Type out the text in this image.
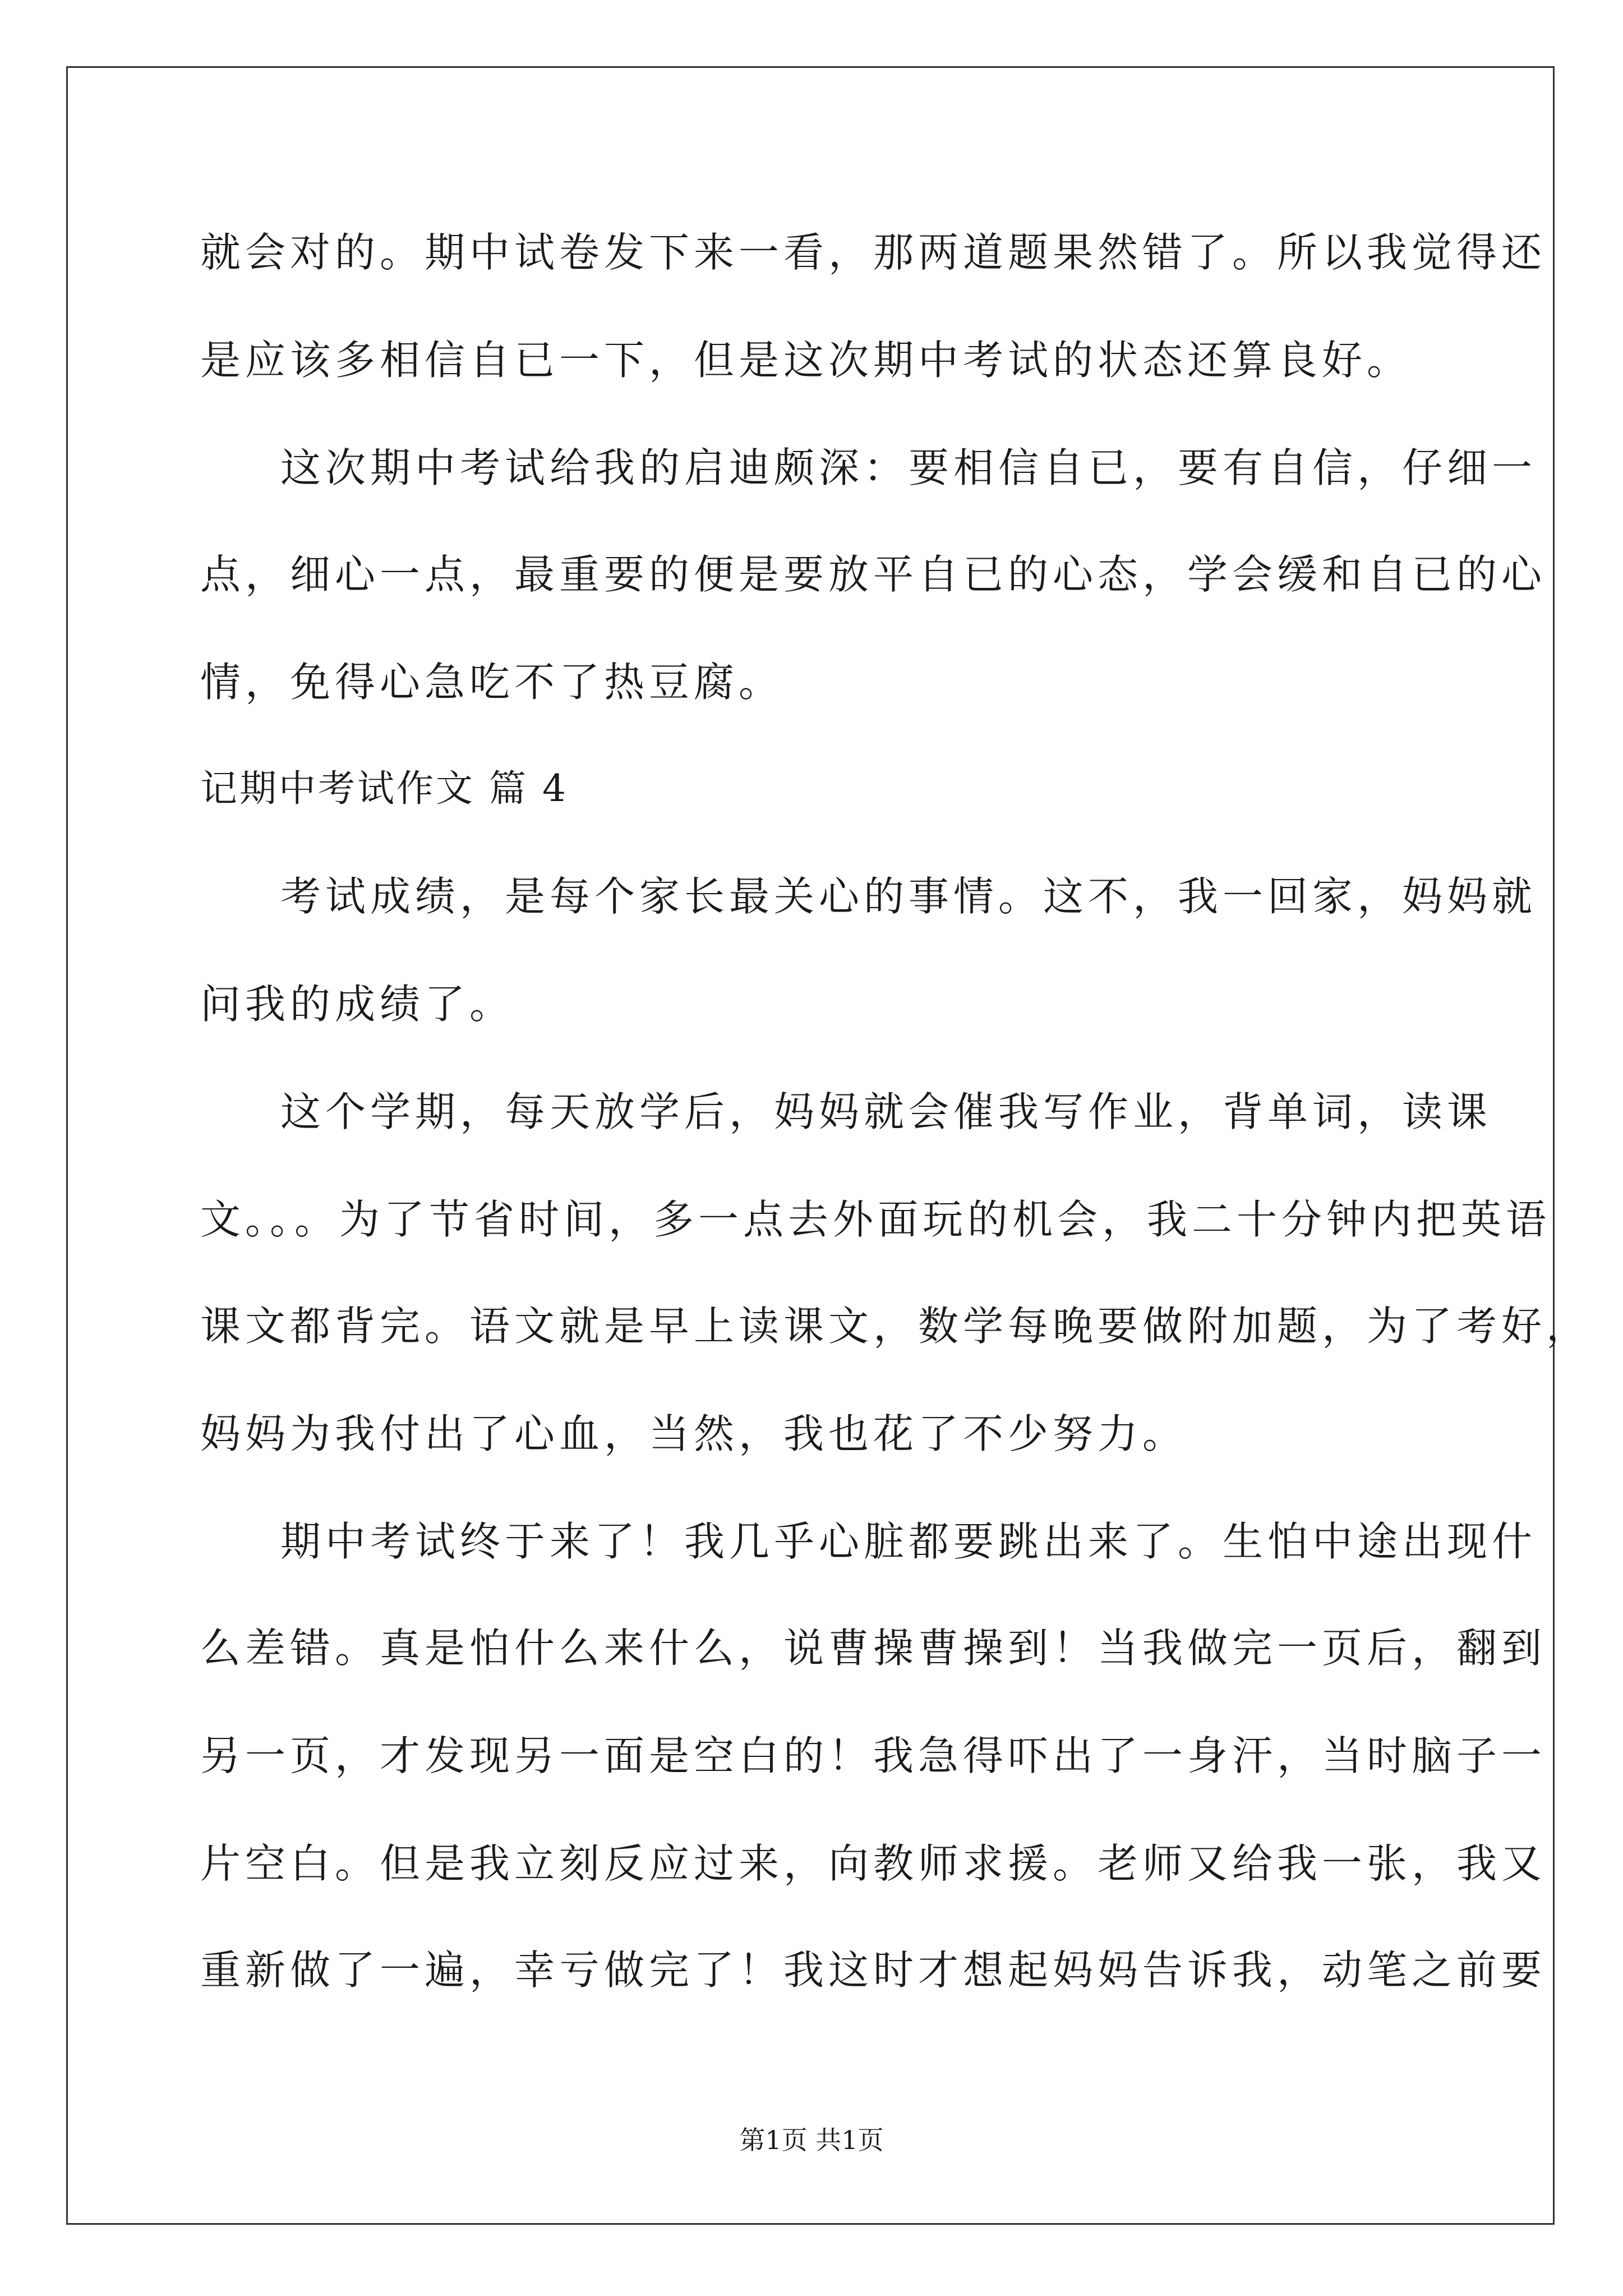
就会对的。期中试卷发下来一看，那两道题果然错了。所以我觉得还
是应该多相信自已一下，但是这次期中考试的状态还算良好。
这次期中考试给我的启迪颇深：要相信自已，要有自信，仔细一
点，细心一点，最重要的便是要放平自已的心态，学会缓和自已的心
情，免得心急吃不了热豆腐。
记期中考试作文 篇 4
考试成绩，是每个家长最关心的事情。这不，我一回家，妈妈就
问我的成绩了。
这个学期，每天放学后，妈妈就会催我写作业，背单词，读课
文。。。为了节省时间，多一点去外面玩的机会，我二十分钟内把英语
课文都背完。语文就是早上读课文，数学每晚要做附加题，为了考好，
妈妈为我付出了心血，当然，我也花了不少努力。
期中考试终于来了！我几乎心脏都要跳出来了。生怕中途出现什
么差错。真是怕什么来什么，说曹操曹操到！当我做完一页后，翻到
另一页，才发现另一面是空白的！我急得吓出了一身汗，当时脑子一
片空白。但是我立刻反应过来，向教师求援。老师又给我一张，我又
重新做了一遍，幸亏做完了！我这时才想起妈妈告诉我，动笔之前要
第1页 共1页
